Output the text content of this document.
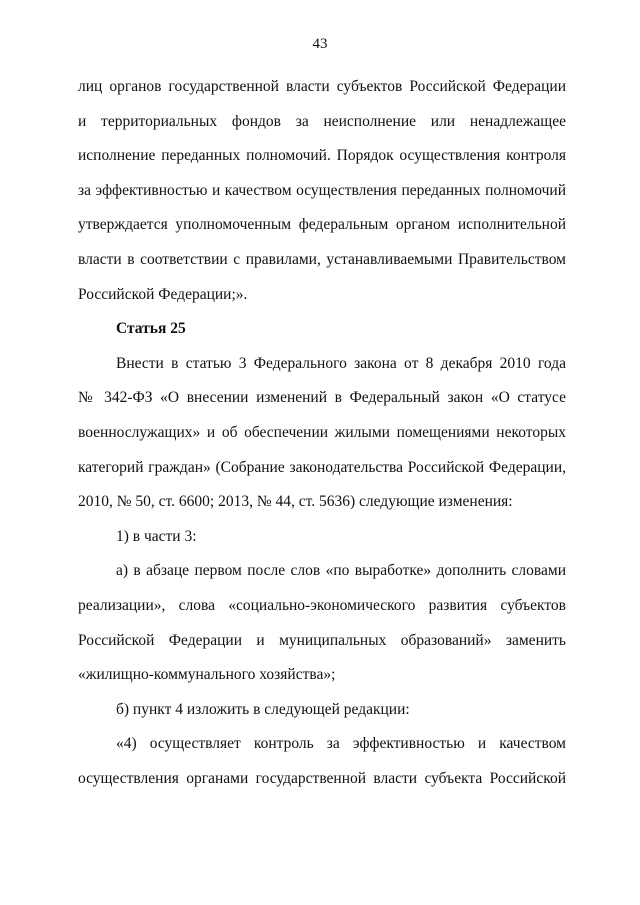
43
лиц органов государственной власти субъектов Российской Федерации
и территориальных фондов за неисполнение или ненадлежащее
исполнение переданных полномочий. Порядок осуществления контроля
за эффективностью и качеством осуществления переданных полномочий
утверждается уполномоченным федеральным органом исполнительной
власти в соответствии с правилами, устанавливаемыми Правительством
Российской Федерации;».
Статья 25
Внести в статью 3 Федерального закона от 8 декабря 2010 года
№ 342-ФЗ «О внесении изменений в Федеральный закон «О статусе
военнослужащих» и об обеспечении жилыми помещениями некоторых
категорий граждан» (Собрание законодательства Российской Федерации,
2010, № 50, ст. 6600; 2013, № 44, ст. 5636) следующие изменения:
1) в части 3:
а) в абзаце первом после слов «по выработке» дополнить словами
реализации», слова «социально-экономического развития субъектов
Российской Федерации и муниципальных образований» заменить
«жилищно-коммунального хозяйства»;
б) пункт 4 изложить в следующей редакции:
«4) осуществляет контроль за эффективностью и качеством
осуществления органами государственной власти субъекта Российской
